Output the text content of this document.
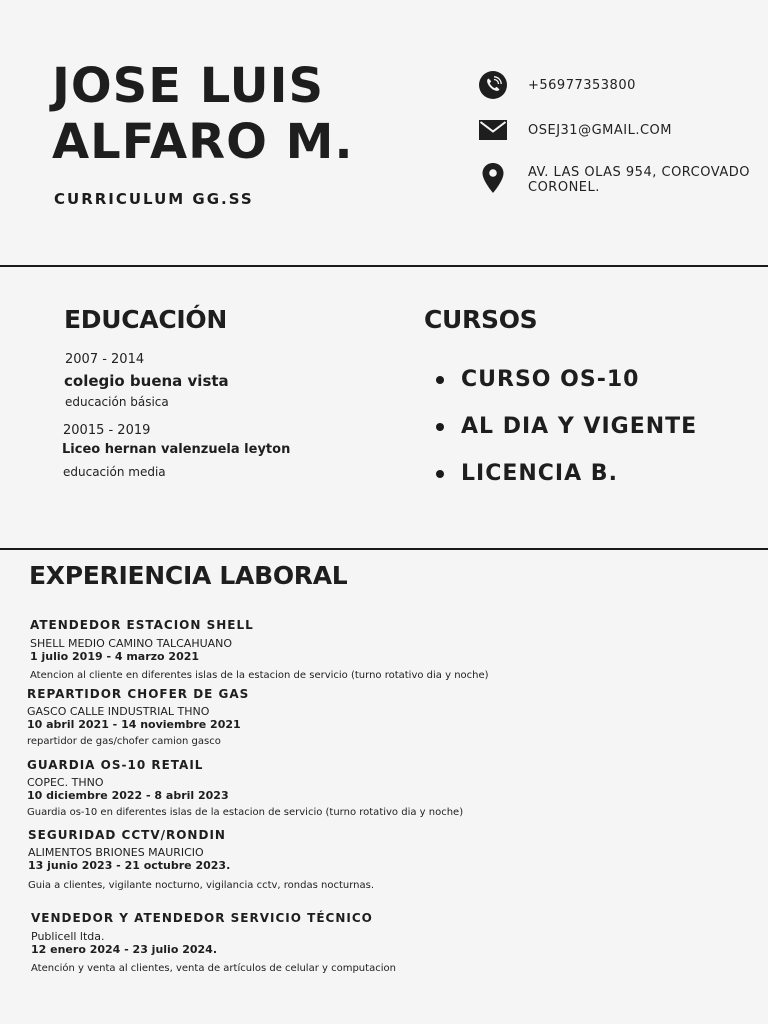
JOSE LUIS
ALFARO M.
CURRICULUM GG.SS
+56977353800
OSEJ31@GMAIL.COM
AV. LAS OLAS 954, CORCOVADO
CORONEL.
EDUCACIÓN
2007 - 2014
colegio buena vista
educación básica
20015 - 2019
Liceo hernan valenzuela leyton
educación media
CURSOS
CURSO OS-10
AL DIA Y VIGENTE
LICENCIA B.
EXPERIENCIA LABORAL
ATENDEDOR ESTACION SHELL
SHELL MEDIO CAMINO TALCAHUANO
1 julio 2019 - 4 marzo 2021
Atencion al cliente en diferentes islas de la estacion de servicio (turno rotativo dia y noche)
REPARTIDOR CHOFER DE GAS
GASCO CALLE INDUSTRIAL THNO
10 abril 2021 - 14 noviembre 2021
repartidor de gas/chofer camion gasco
GUARDIA OS-10 RETAIL
COPEC. THNO
10 diciembre 2022 - 8 abril 2023
Guardia os-10 en diferentes islas de la estacion de servicio (turno rotativo dia y noche)
SEGURIDAD CCTV/RONDIN
ALIMENTOS BRIONES MAURICIO
13 junio 2023 - 21 octubre 2023.
Guia a clientes, vigilante nocturno, vigilancia cctv, rondas nocturnas.
VENDEDOR Y ATENDEDOR SERVICIO TÉCNICO
Publicell ltda.
12 enero 2024 - 23 julio 2024.
Atención y venta al clientes, venta de artículos de celular y computacion
